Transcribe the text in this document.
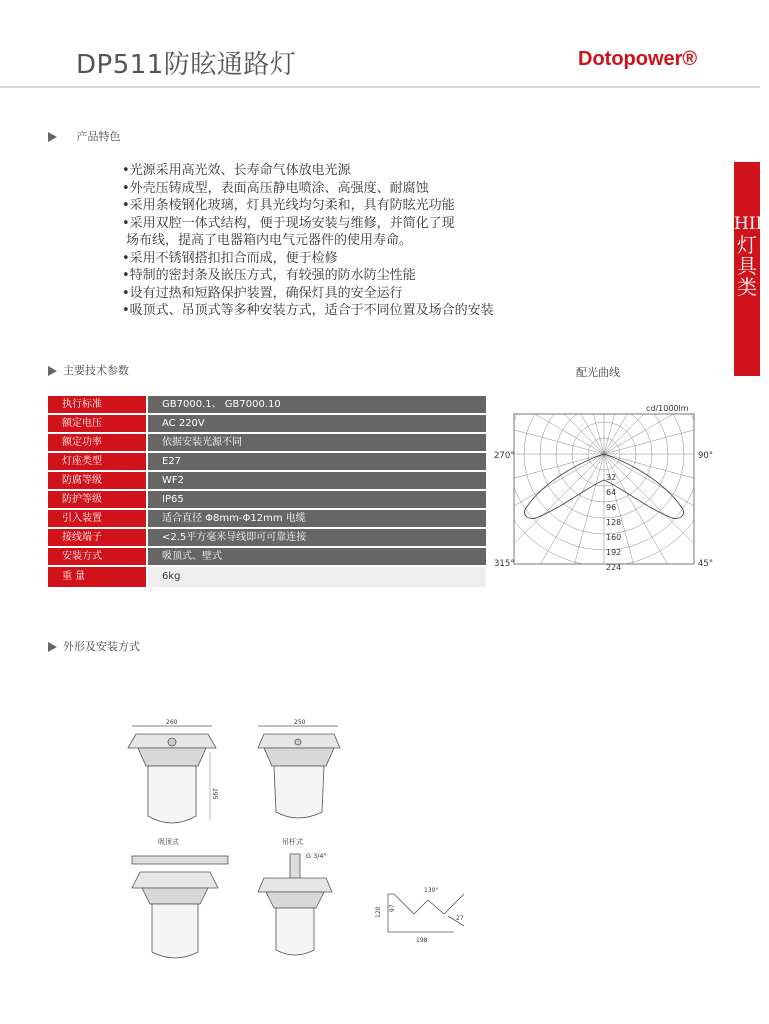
DP511防眩通路灯	Dotopower®
HID
灯
具
类
产品特色
•光源采用高光效、长寿命气体放电光源
•外壳压铸成型，表面高压静电喷涂、高强度、耐腐蚀
•采用条棱钢化玻璃，灯具光线均匀柔和，具有防眩光功能
•采用双腔一体式结构，便于现场安装与维修，并简化了现
场布线，提高了电器箱内电气元器件的使用寿命。
•采用不锈钢搭扣扣合而成，便于检修
•特制的密封条及嵌压方式，有较强的防水防尘性能
•设有过热和短路保护装置，确保灯具的安全运行
•吸顶式、吊顶式等多种安装方式，适合于不同位置及场合的安装
主要技术参数
执行标准	GB7000.1、 GB7000.10
额定电压	AC 220V
额定功率	依据安装光源不同
灯座类型	E27
防腐等级	WF2
防护等级	IP65
引入装置	适合直径 Φ8mm-Φ12mm 电缆
接线端子	<2.5平方毫米导线即可可靠连接
安装方式	吸顶式、壁式
重 量	6kg
配光曲线
cd/1000lm
270°	90°
315°	45°
32
64
96
128
160
192
224
外形及安装方式
260
295
吸顶式
250
吊杆式
G 3/4"
130°
120 97
198
27
